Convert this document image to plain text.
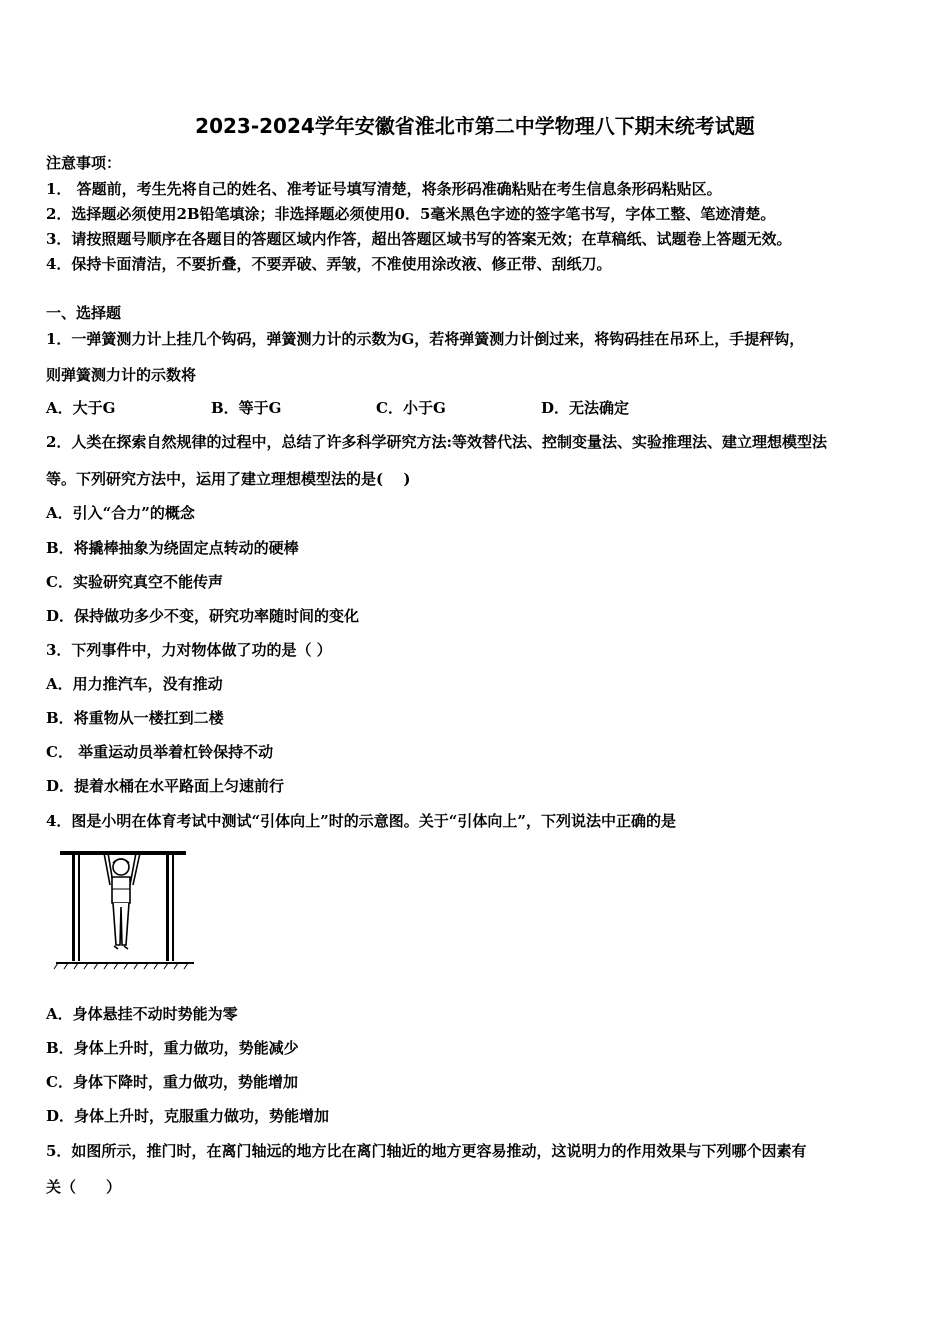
2023-2024学年安徽省淮北市第二中学物理八下期末统考试题
注意事项：
1． 答题前，考生先将自己的姓名、准考证号填写清楚，将条形码准确粘贴在考生信息条形码粘贴区。
2．选择题必须使用2B铅笔填涂；非选择题必须使用0．5毫米黑色字迹的签字笔书写，字体工整、笔迹清楚。
3．请按照题号顺序在各题目的答题区域内作答，超出答题区域书写的答案无效；在草稿纸、试题卷上答题无效。
4．保持卡面清洁，不要折叠，不要弄破、弄皱，不准使用涂改液、修正带、刮纸刀。
一、选择题
1．一弹簧测力计上挂几个钩码，弹簧测力计的示数为G，若将弹簧测力计倒过来，将钩码挂在吊环上，手提秤钩，
则弹簧测力计的示数将
A．大于G	B．等于G	C．小于G	D．无法确定
2．人类在探索自然规律的过程中，总结了许多科学研究方法:等效替代法、控制变量法、实验推理法、建立理想模型法
等。下列研究方法中，运用了建立理想模型法的是(　 )
A．引入“合力”的概念
B．将撬棒抽象为绕固定点转动的硬棒
C．实验研究真空不能传声
D．保持做功多少不变，研究功率随时间的变化
3．下列事件中，力对物体做了功的是（ ）
A．用力推汽车，没有推动
B．将重物从一楼扛到二楼
C． 举重运动员举着杠铃保持不动
D．提着水桶在水平路面上匀速前行
4．图是小明在体育考试中测试“引体向上”时的示意图。关于“引体向上”，下列说法中正确的是
A．身体悬挂不动时势能为零
B．身体上升时，重力做功，势能减少
C．身体下降时，重力做功，势能增加
D．身体上升时，克服重力做功，势能增加
5．如图所示，推门时，在离门轴远的地方比在离门轴近的地方更容易推动，这说明力的作用效果与下列哪个因素有
关（　　）
